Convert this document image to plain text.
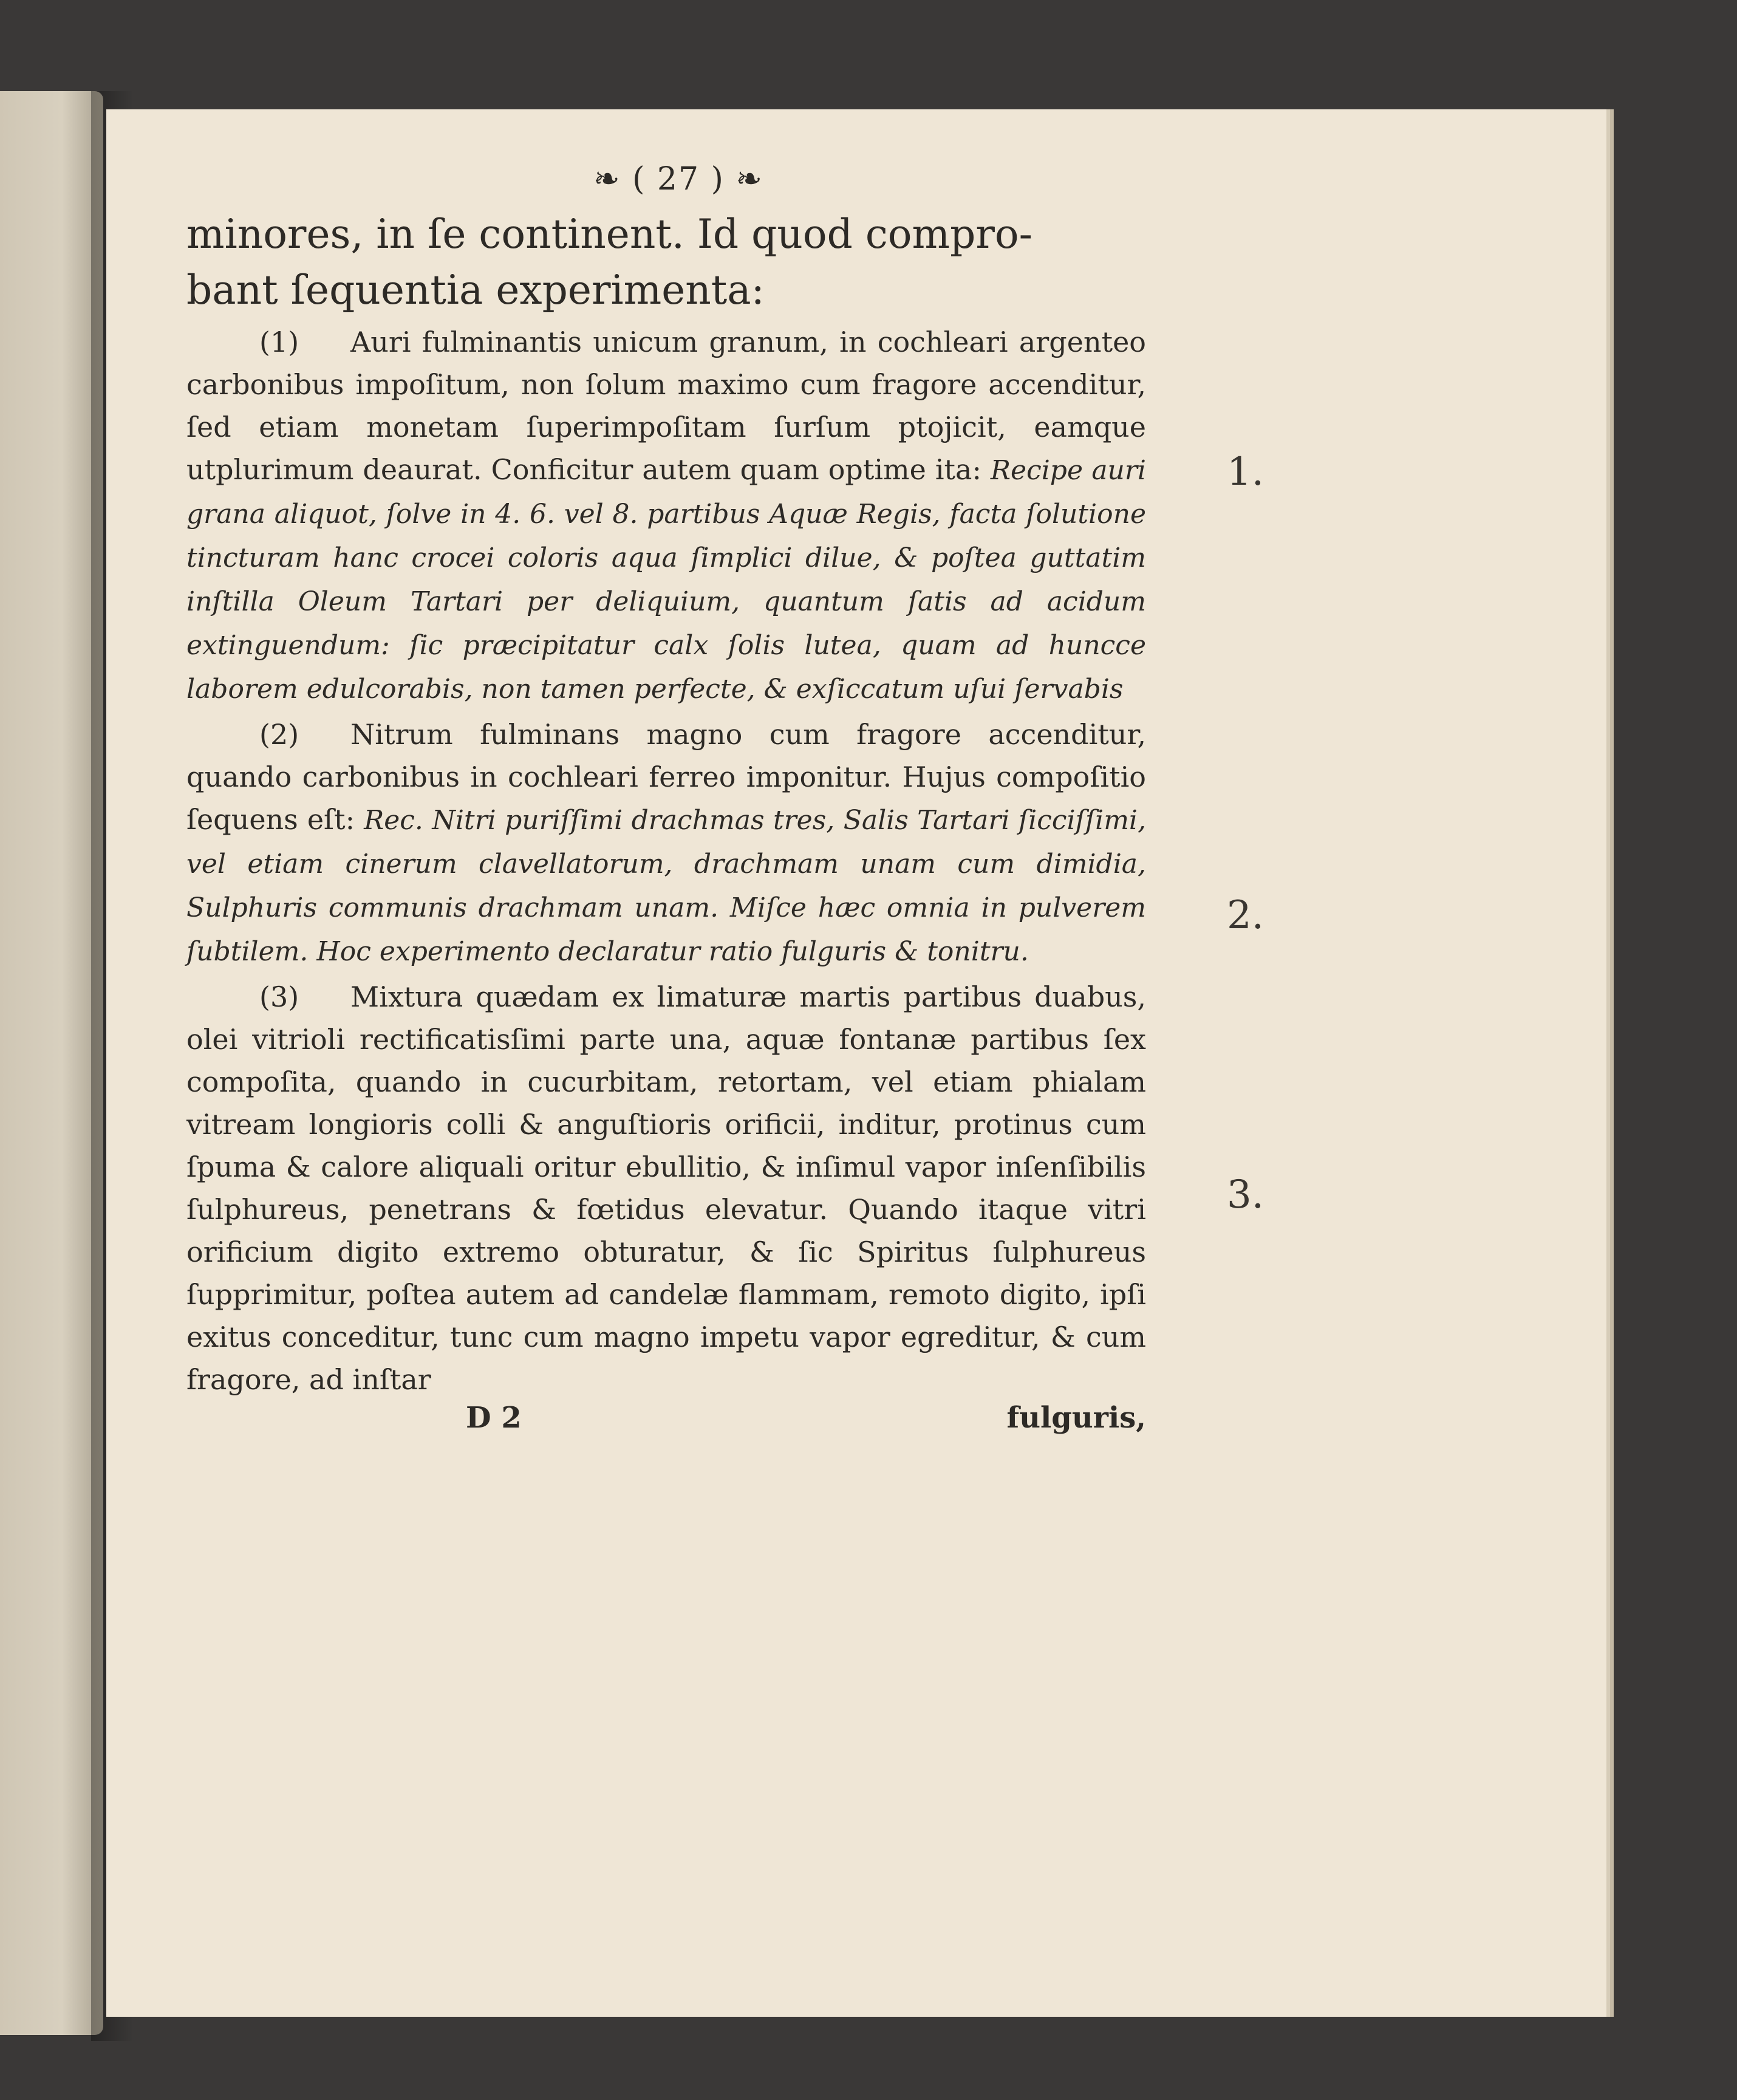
❧ ( 27 ) ❧

minores, in ſe continent. Id quod compro-
bant ſequentia experimenta:

(1) Auri fulminantis unicum granum, in cochleari argenteo carbonibus impoſitum, non ſolum maximo cum fragore accenditur, ſed etiam monetam ſuperimpoſitam ſurſum ptojicit, eamque utplurimum deaurat. Conficitur autem quam optime ita: Recipe auri grana aliquot, ſolve in 4. 6. vel 8. partibus Aquæ Regis, facta ſolutione tincturam hanc crocei coloris aqua ſimplici dilue, & poſtea guttatim inſtilla Oleum Tartari per deliquium, quantum ſatis ad acidum extinguendum: ſic præcipitatur calx ſolis lutea, quam ad huncce laborem edulcorabis, non tamen perfecte, & exſiccatum uſui ſervabis

(2) Nitrum fulminans magno cum fragore accenditur, quando carbonibus in cochleari ferreo imponitur. Hujus compoſitio ſequens eſt: Rec. Nitri puriſſimi drachmas tres, Salis Tartari ſicciſſimi, vel etiam cinerum clavellatorum, drachmam unam cum dimidia, Sulphuris communis drachmam unam. Miſce hæc omnia in pulverem ſubtilem. Hoc experimento declaratur ratio fulguris & tonitru.

(3) Mixtura quædam ex limaturæ martis partibus duabus, olei vitrioli rectificatisſimi parte una, aquæ fontanæ partibus ſex compoſita, quando in cucurbitam, retortam, vel etiam phialam vitream longioris colli & anguſtioris orificii, inditur, protinus cum ſpuma & calore aliquali oritur ebullitio, & inſimul vapor inſenſibilis ſulphureus, penetrans & fœtidus elevatur. Quando itaque vitri orificium digito extremo obturatur, & ſic Spiritus ſulphureus ſupprimitur, poſtea autem ad candelæ flammam, remoto digito, ipſi exitus conceditur, tunc cum magno impetu vapor egreditur, & cum fragore, ad inſtar

D 2	fulguris,
1.
2.
3.
